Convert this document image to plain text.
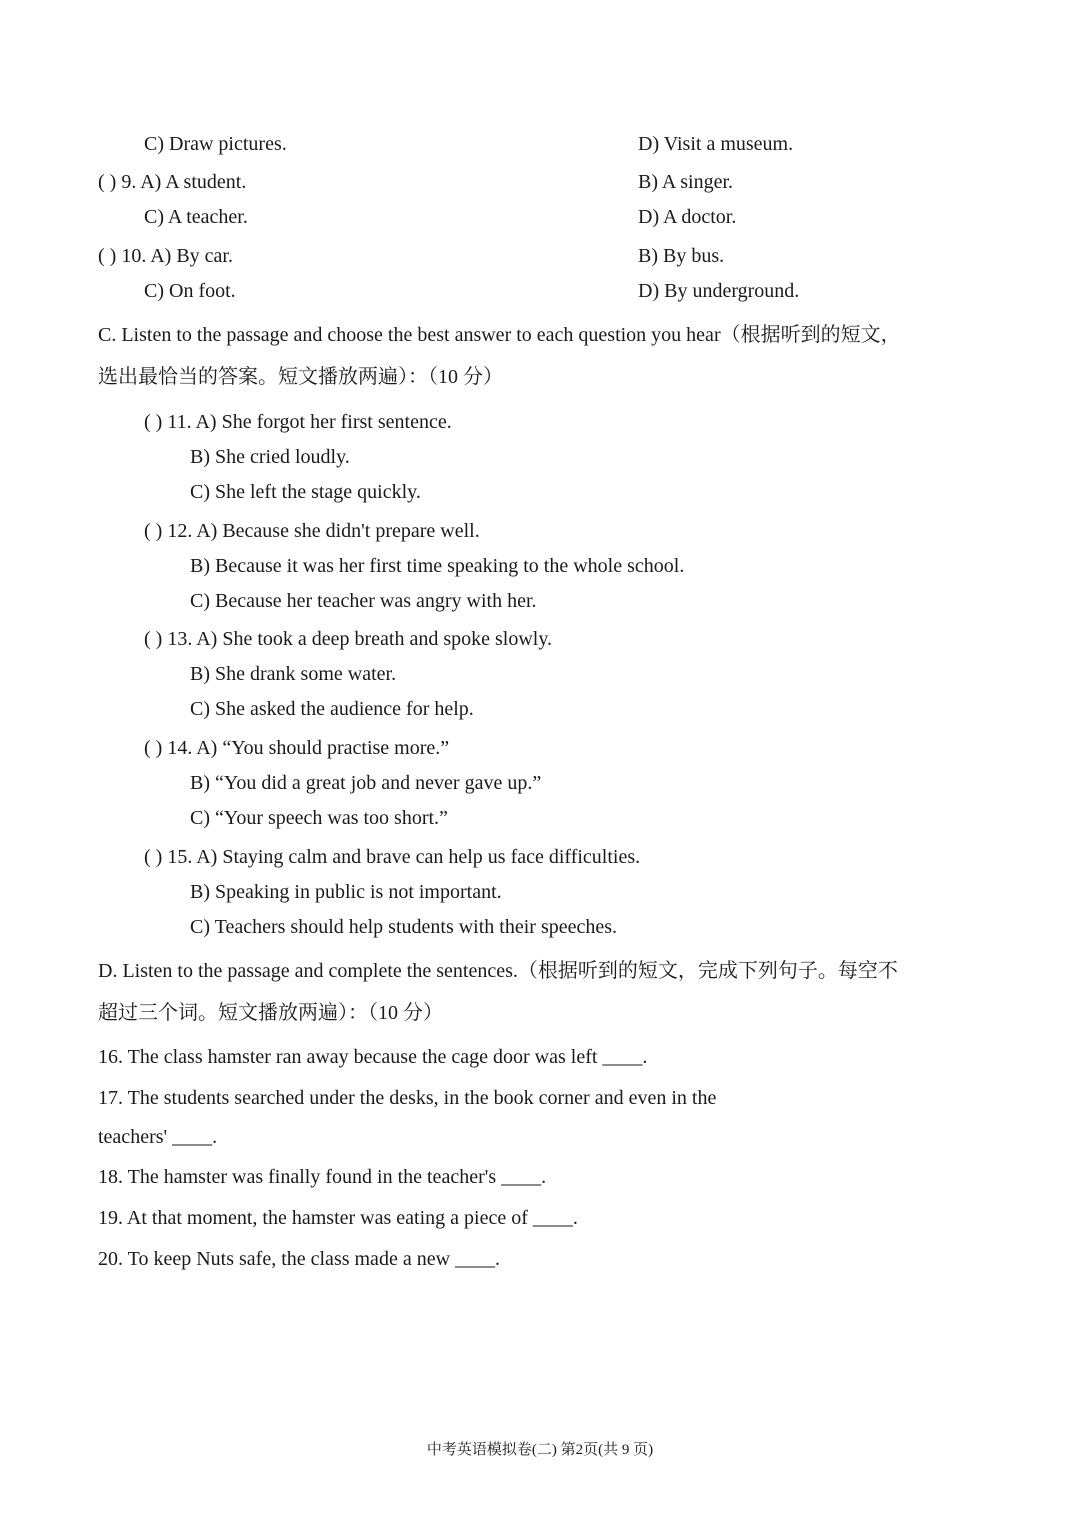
C) Draw pictures.	D) Visit a museum.
( ) 9. A) A student.	B) A singer.
C) A teacher.	D) A doctor.
( ) 10. A) By car.	B) By bus.
C) On foot.	D) By underground.
C. Listen to the passage and choose the best answer to each question you hear（根据听到的短文，
选出最恰当的答案。短文播放两遍）：（10 分）
( ) 11. A) She forgot her first sentence.
B) She cried loudly.
C) She left the stage quickly.
( ) 12. A) Because she didn't prepare well.
B) Because it was her first time speaking to the whole school.
C) Because her teacher was angry with her.
( ) 13. A) She took a deep breath and spoke slowly.
B) She drank some water.
C) She asked the audience for help.
( ) 14. A) “You should practise more.”
B) “You did a great job and never gave up.”
C) “Your speech was too short.”
( ) 15. A) Staying calm and brave can help us face difficulties.
B) Speaking in public is not important.
C) Teachers should help students with their speeches.
D. Listen to the passage and complete the sentences.（根据听到的短文，完成下列句子。每空不
超过三个词。短文播放两遍）：（10 分）
16. The class hamster ran away because the cage door was left ____.
17. The students searched under the desks, in the book corner and even in the
teachers' ____.
18. The hamster was finally found in the teacher's ____.
19. At that moment, the hamster was eating a piece of ____.
20. To keep Nuts safe, the class made a new ____.
中考英语模拟卷(二) 第2页(共 9 页)
